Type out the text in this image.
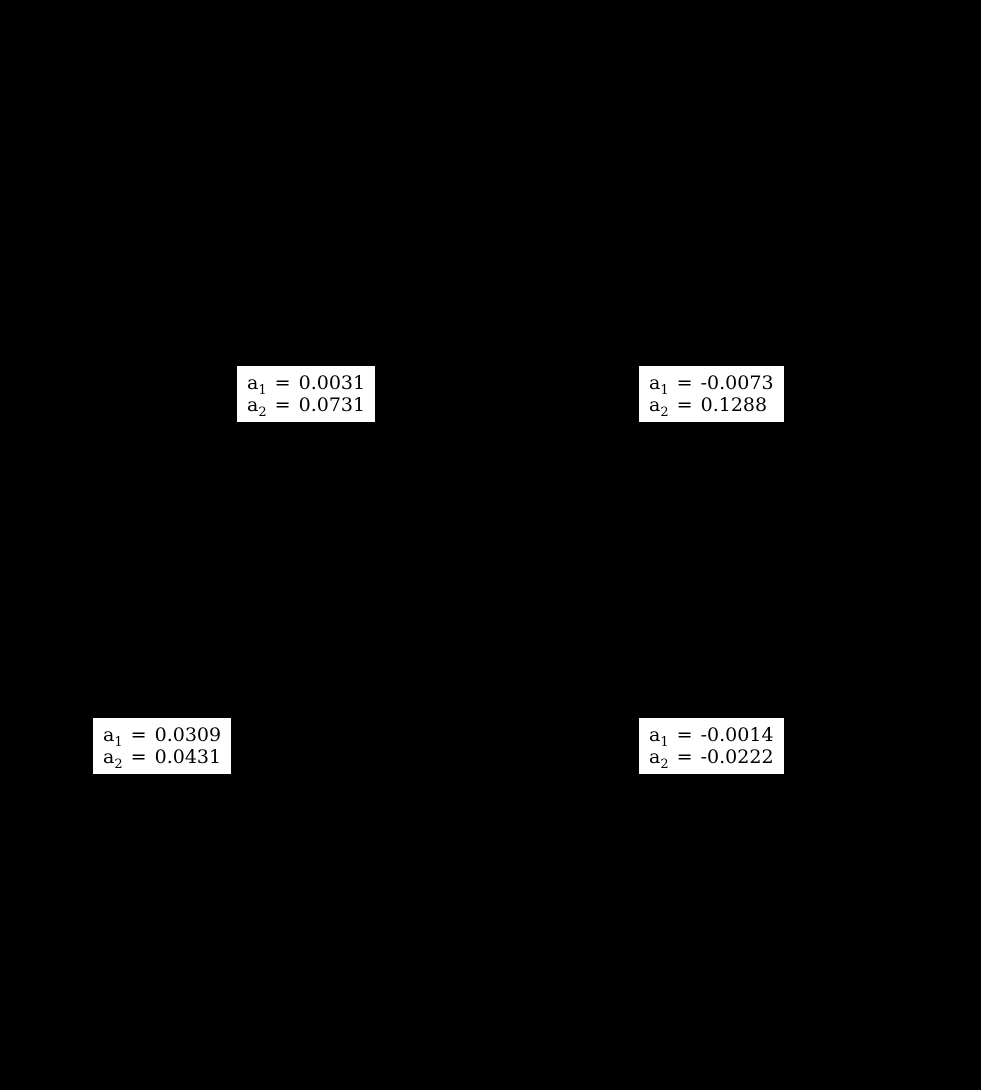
$a_1 = 0.0031$
$a_2 = 0.0731$
$a_1 = -0.0073$
$a_2 = 0.1288$
$a_1 = 0.0309$
$a_2 = 0.0431$
$a_1 = -0.0014$
$a_2 = -0.0222$
